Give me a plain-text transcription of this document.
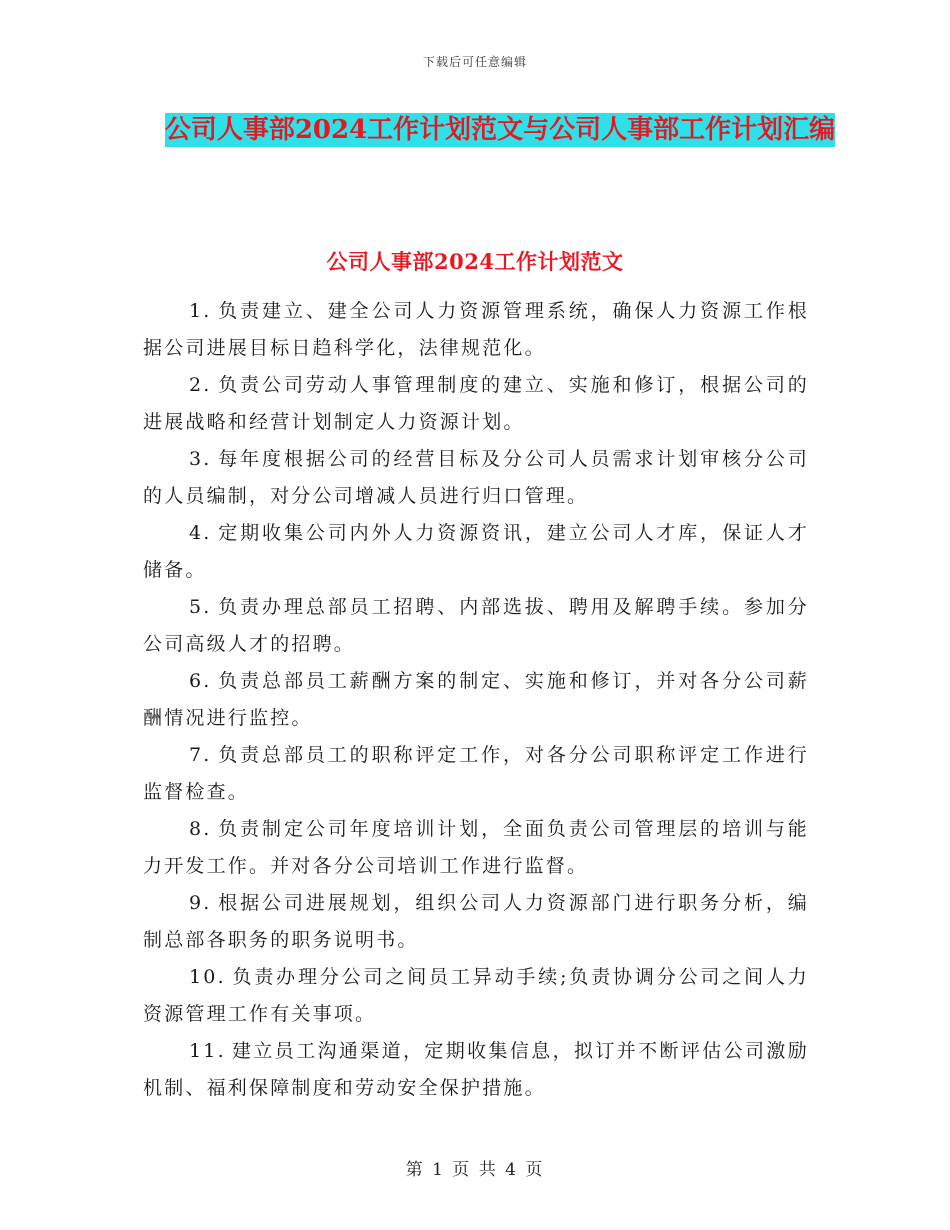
下载后可任意编辑
公司人事部2024工作计划范文与公司人事部工作计划汇编
公司人事部2024工作计划范文
1. 负责建立、建全公司人力资源管理系统，确保人力资源工作根据公司进展目标日趋科学化，法律规范化。
2. 负责公司劳动人事管理制度的建立、实施和修订，根据公司的进展战略和经营计划制定人力资源计划。
3. 每年度根据公司的经营目标及分公司人员需求计划审核分公司的人员编制，对分公司增减人员进行归口管理。
4. 定期收集公司内外人力资源资讯，建立公司人才库，保证人才储备。
5. 负责办理总部员工招聘、内部选拔、聘用及解聘手续。参加分公司高级人才的招聘。
6. 负责总部员工薪酬方案的制定、实施和修订，并对各分公司薪酬情况进行监控。
7. 负责总部员工的职称评定工作，对各分公司职称评定工作进行监督检查。
8. 负责制定公司年度培训计划，全面负责公司管理层的培训与能力开发工作。并对各分公司培训工作进行监督。
9. 根据公司进展规划，组织公司人力资源部门进行职务分析，编制总部各职务的职务说明书。
10. 负责办理分公司之间员工异动手续;负责协调分公司之间人力资源管理工作有关事项。
11. 建立员工沟通渠道，定期收集信息，拟订并不断评估公司激励机制、福利保障制度和劳动安全保护措施。
第 1 页 共 4 页
